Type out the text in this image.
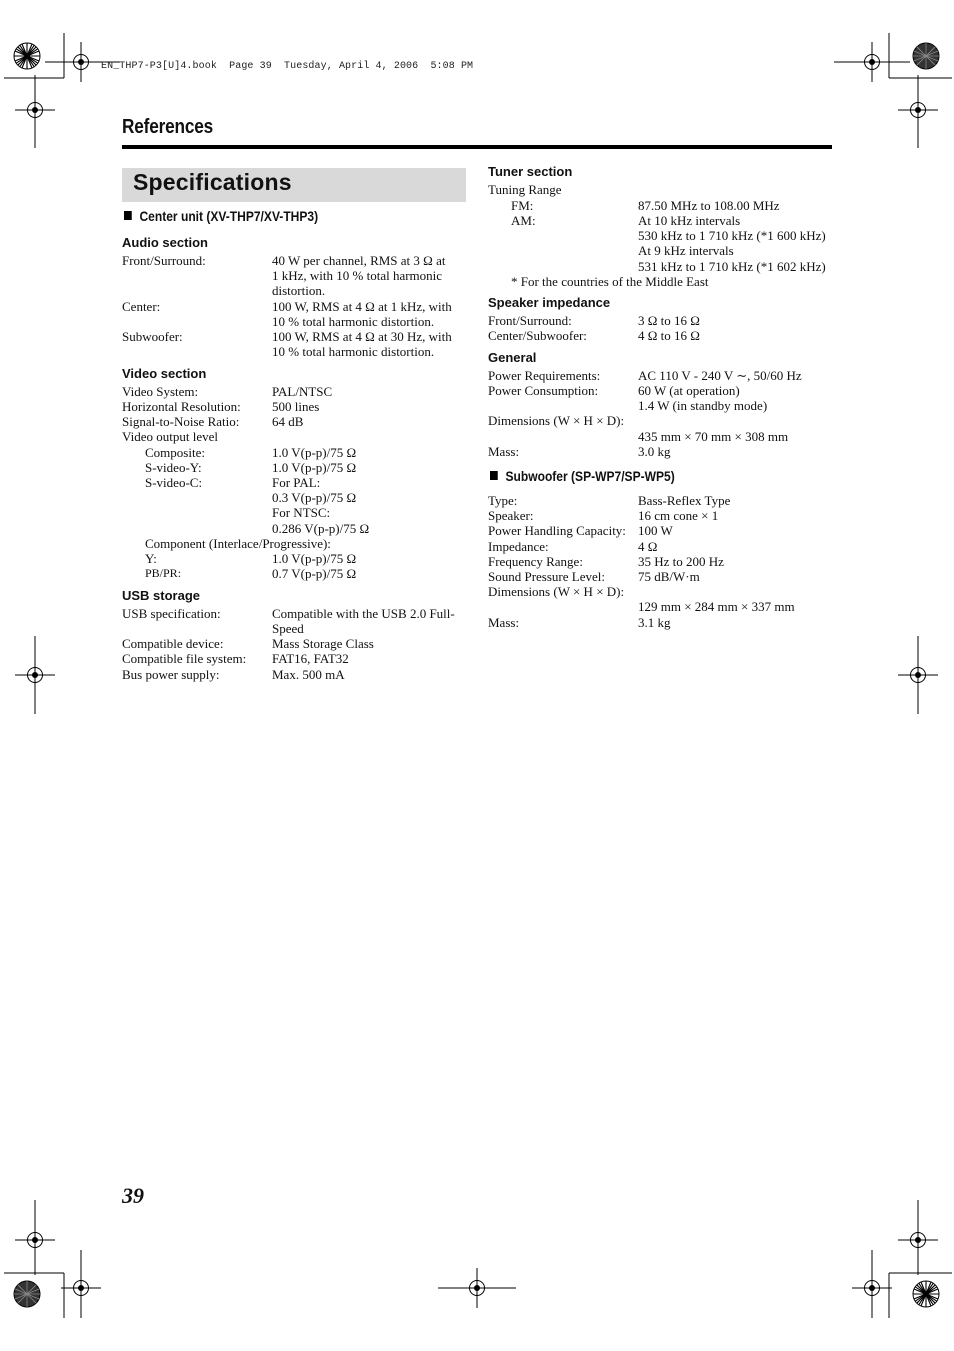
EN_THP7-P3[U]4.book  Page 39  Tuesday, April 4, 2006  5:08 PM
References
Specifications
Center unit (XV-THP7/XV-THP3)
Audio section
Front/Surround:	40 W per channel, RMS at 3 Ω at
1 kHz, with 10 % total harmonic
distortion.
Center:	100 W, RMS at 4 Ω at 1 kHz, with
10 % total harmonic distortion.
Subwoofer:	100 W, RMS at 4 Ω at 30 Hz, with
10 % total harmonic distortion.
Video section
Video System:	PAL/NTSC
Horizontal Resolution: 500 lines
Signal-to-Noise Ratio:	64 dB
Video output level
Composite:	1.0 V(p-p)/75 Ω
S-video-Y:	1.0 V(p-p)/75 Ω
S-video-C:	For PAL:
0.3 V(p-p)/75 Ω
For NTSC:
0.286 V(p-p)/75 Ω
Component (Interlace/Progressive):
Y:	1.0 V(p-p)/75 Ω
PB/PR:	0.7 V(p-p)/75 Ω
USB storage
USB specification:	Compatible with the USB 2.0 Full-
Speed
Compatible device:	Mass Storage Class
Compatible file system: FAT16, FAT32
Bus power supply:	Max. 500 mA
Tuner section
Tuning Range
FM:	87.50 MHz to 108.00 MHz
AM:	At 10 kHz intervals
530 kHz to 1 710 kHz (*1 600 kHz)
At 9 kHz intervals
531 kHz to 1 710 kHz (*1 602 kHz)
* For the countries of the Middle East
Speaker impedance
Front/Surround:	3 Ω to 16 Ω
Center/Subwoofer:	4 Ω to 16 Ω
General
Power Requirements:	AC 110 V - 240 V ∼, 50/60 Hz
Power Consumption:	60 W (at operation)
1.4 W (in standby mode)
Dimensions (W × H × D):
435 mm × 70 mm × 308 mm
Mass:	3.0 kg
Subwoofer (SP-WP7/SP-WP5)
Type:	Bass-Reflex Type
Speaker:	16 cm cone × 1
Power Handling Capacity: 100 W
Impedance:	4 Ω
Frequency Range:	35 Hz to 200 Hz
Sound Pressure Level:	75 dB/W·m
Dimensions (W × H × D):
129 mm × 284 mm × 337 mm
Mass:	3.1 kg
39
